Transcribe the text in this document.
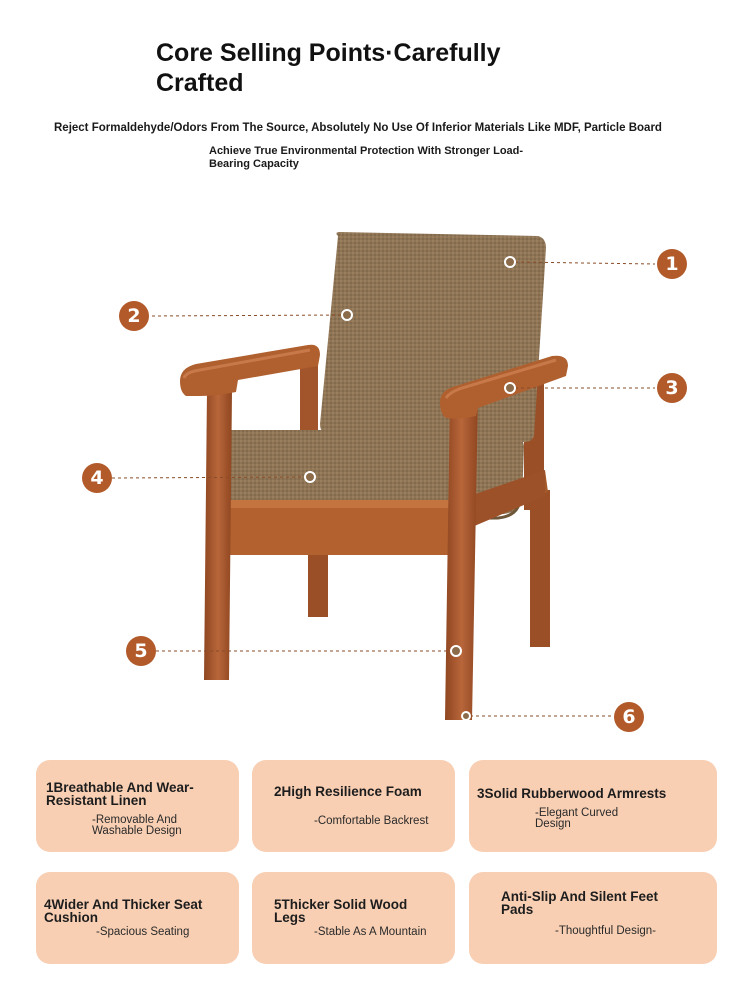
Core Selling Points·Carefully Crafted
Reject Formaldehyde/Odors From The Source, Absolutely No Use Of Inferior Materials Like MDF, Particle Board
Achieve True Environmental Protection With Stronger Load-Bearing Capacity
1
2
3
4
5
6
1Breathable And Wear-Resistant Linen
-Removable And Washable Design
2High Resilience Foam
-Comfortable Backrest
3Solid Rubberwood Armrests
-Elegant Curved Design
4Wider And Thicker Seat Cushion
-Spacious Seating
5Thicker Solid Wood Legs
-Stable As A Mountain
Anti-Slip And Silent Feet Pads
-Thoughtful Design-
